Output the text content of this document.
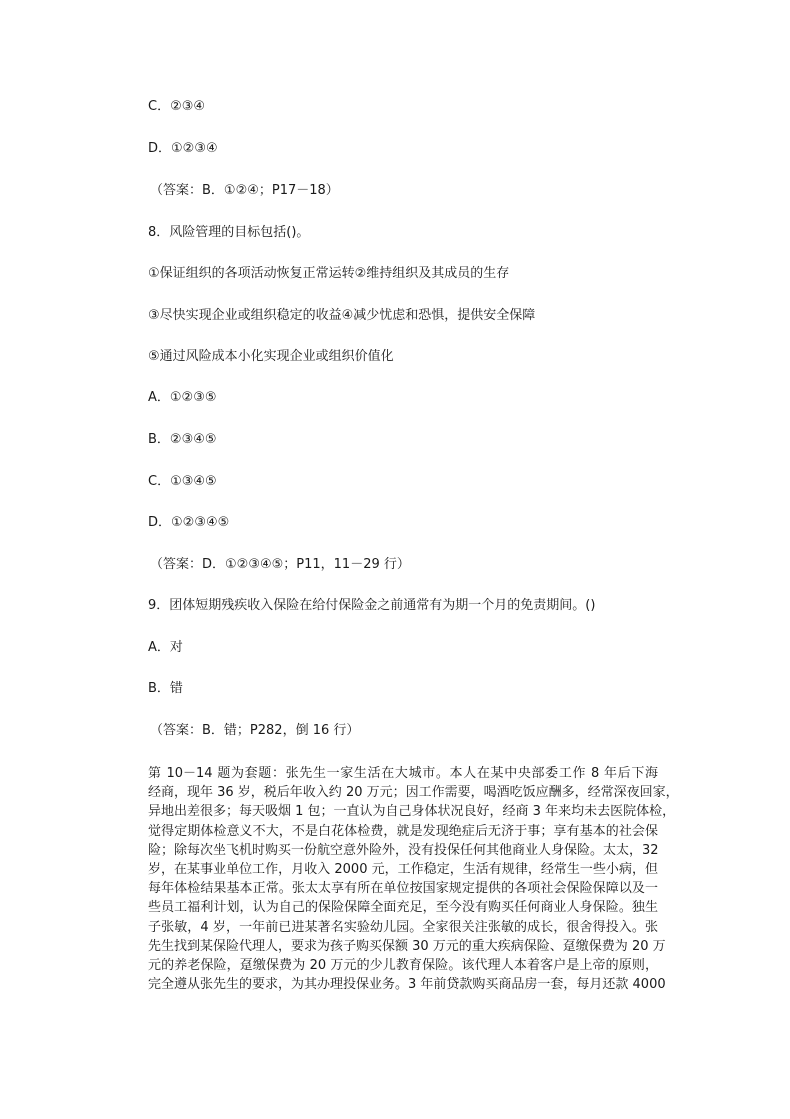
C．②③④
D．①②③④
（答案：B．①②④；P17－18）
8．风险管理的目标包括()。
①保证组织的各项活动恢复正常运转②维持组织及其成员的生存
③尽快实现企业或组织稳定的收益④减少忧虑和恐惧，提供安全保障
⑤通过风险成本小化实现企业或组织价值化
A．①②③⑤
B．②③④⑤
C．①③④⑤
D．①②③④⑤
（答案：D．①②③④⑤；P11，11－29 行）
9．团体短期残疾收入保险在给付保险金之前通常有为期一个月的免责期间。()
A．对
B．错
（答案：B．错；P282，倒 16 行）
第 10－14 题为套题：张先生一家生活在大城市。本人在某中央部委工作 8 年后下海
经商，现年 36 岁，税后年收入约 20 万元；因工作需要，喝酒吃饭应酬多，经常深夜回家，
异地出差很多；每天吸烟 1 包；一直认为自己身体状况良好，经商 3 年来均未去医院体检，
觉得定期体检意义不大，不是白花体检费，就是发现绝症后无济于事；享有基本的社会保
险；除每次坐飞机时购买一份航空意外险外，没有投保任何其他商业人身保险。太太，32
岁，在某事业单位工作，月收入 2000 元，工作稳定，生活有规律，经常生一些小病，但
每年体检结果基本正常。张太太享有所在单位按国家规定提供的各项社会保险保障以及一
些员工福利计划，认为自己的保险保障全面充足，至今没有购买任何商业人身保险。独生
子张敏，4 岁，一年前已进某著名实验幼儿园。全家很关注张敏的成长，很舍得投入。张
先生找到某保险代理人，要求为孩子购买保额 30 万元的重大疾病保险、趸缴保费为 20 万
元的养老保险，趸缴保费为 20 万元的少儿教育保险。该代理人本着客户是上帝的原则，
完全遵从张先生的要求，为其办理投保业务。3 年前贷款购买商品房一套，每月还款 4000
